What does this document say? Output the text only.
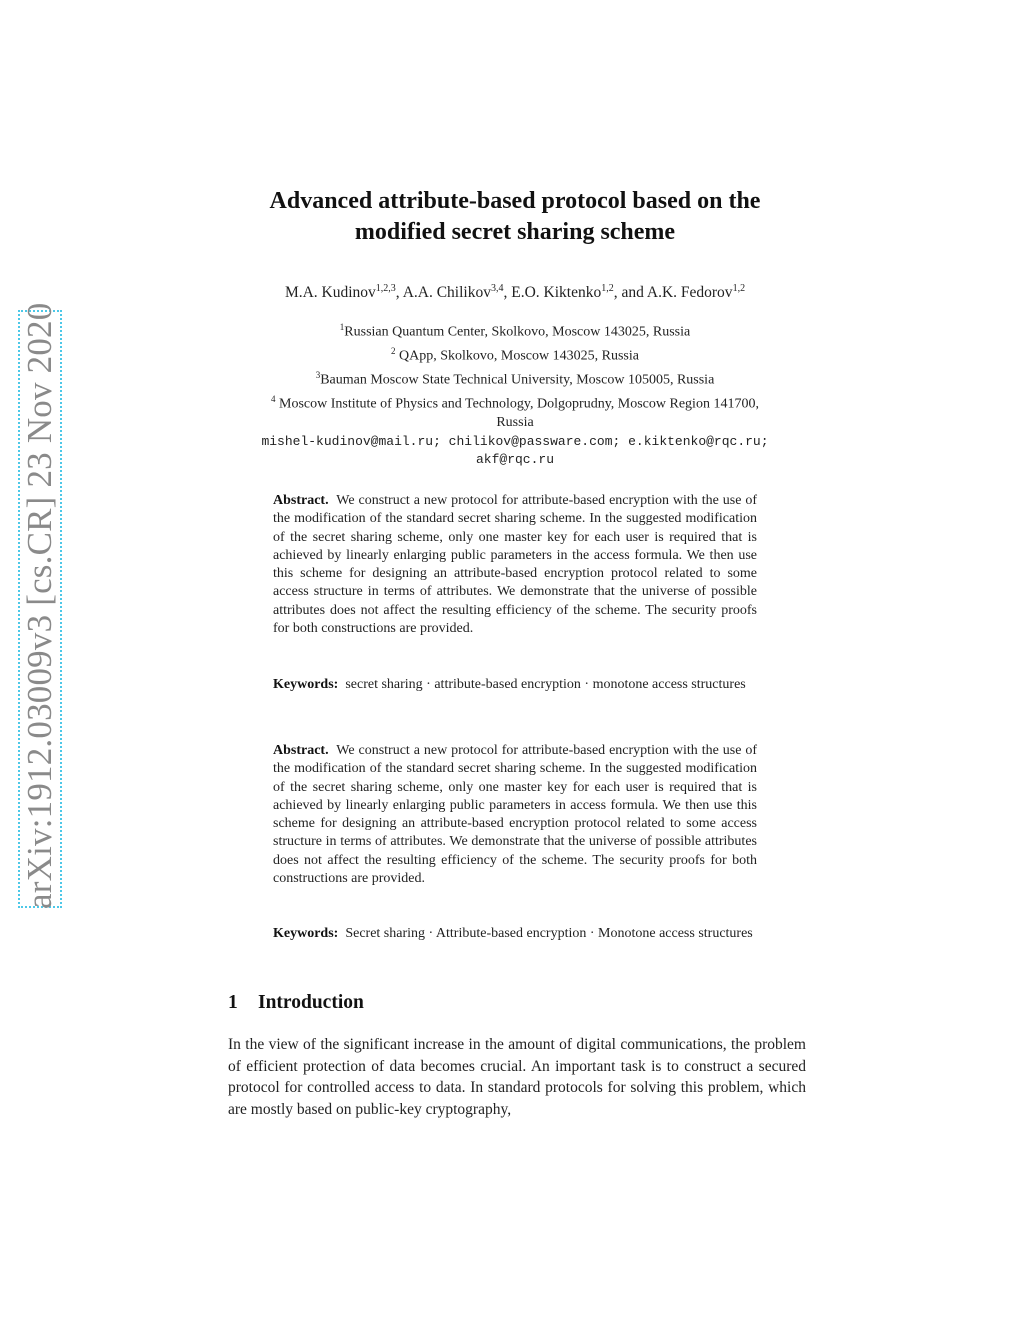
arXiv:1912.03009v3 [cs.CR] 23 Nov 2020
Advanced attribute-based protocol based on the
modified secret sharing scheme
M.A. Kudinov$^{1,2,3}$, A.A. Chilikov$^{3,4}$, E.O. Kiktenko$^{1,2}$, and A.K. Fedorov$^{1,2}$
$^1$Russian Quantum Center, Skolkovo, Moscow 143025, Russia
$^2$ QApp, Skolkovo, Moscow 143025, Russia
$^3$Bauman Moscow State Technical University, Moscow 105005, Russia
$^4$ Moscow Institute of Physics and Technology, Dolgoprudny, Moscow Region 141700,
Russia
mishel-kudinov@mail.ru; chilikov@passware.com; e.kiktenko@rqc.ru;
akf@rqc.ru
Abstract. We construct a new protocol for attribute-based encryption with the use of the modification of the standard secret sharing scheme. In the suggested modification of the secret sharing scheme, only one master key for each user is required that is achieved by linearly enlarging public parameters in the access formula. We then use this scheme for designing an attribute-based encryption protocol related to some access structure in terms of attributes. We demonstrate that the universe of possible attributes does not affect the resulting efficiency of the scheme. The security proofs for both constructions are provided.
Keywords: secret sharing · attribute-based encryption · monotone access structures
Abstract. We construct a new protocol for attribute-based encryption with the use of the modification of the standard secret sharing scheme. In the suggested modification of the secret sharing scheme, only one master key for each user is required that is achieved by linearly enlarging public parameters in access formula. We then use this scheme for designing an attribute-based encryption protocol related to some access structure in terms of attributes. We demonstrate that the universe of possible attributes does not affect the resulting efficiency of the scheme. The security proofs for both constructions are provided.
Keywords: Secret sharing · Attribute-based encryption · Monotone access structures
1 Introduction
In the view of the significant increase in the amount of digital communications, the problem of efficient protection of data becomes crucial. An important task is to construct a secured protocol for controlled access to data. In standard protocols for solving this problem, which are mostly based on public-key cryptography,
